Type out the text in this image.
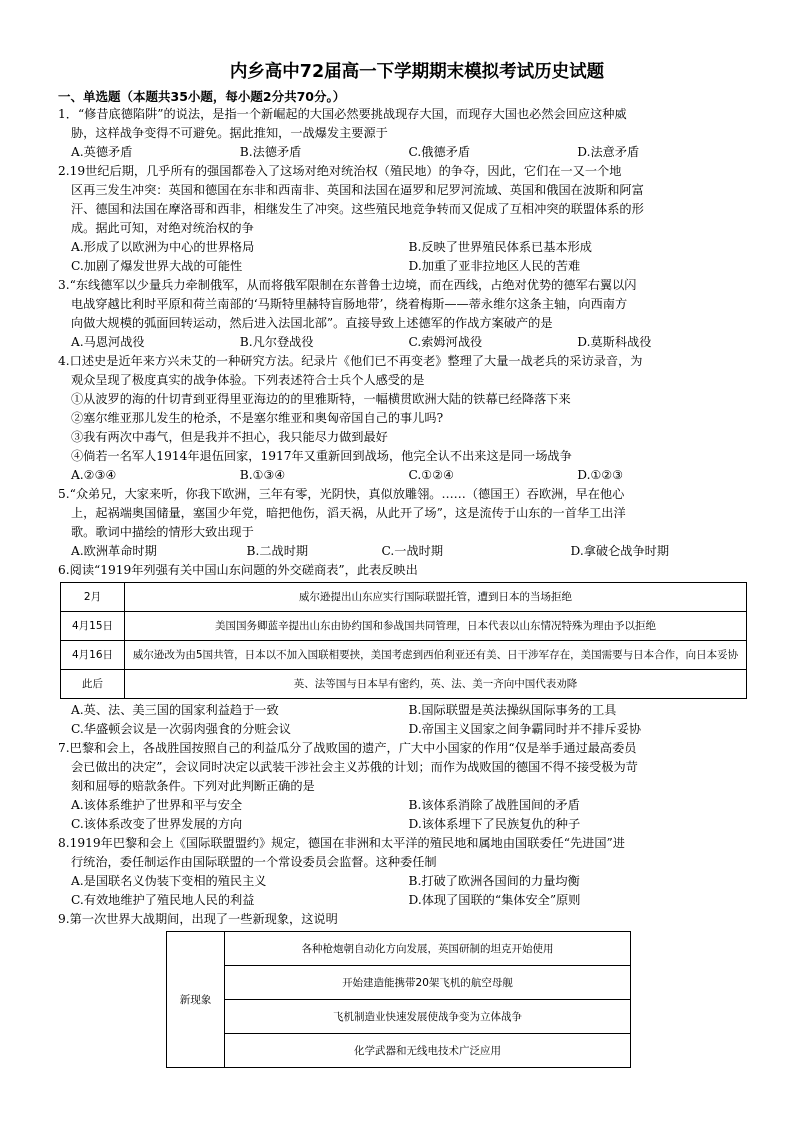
内乡高中72届高一下学期期末模拟考试历史试题
一、单选题（本题共35小题，每小题2分共70分。）
1．“修昔底德陷阱”的说法，是指一个新崛起的大国必然要挑战现存大国，而现存大国也必然会回应这种威
胁，这样战争变得不可避免。据此推知，一战爆发主要源于
A.英德矛盾	B.法德矛盾	C.俄德矛盾	D.法意矛盾
2.19世纪后期，几乎所有的强国都卷入了这场对绝对统治权（殖民地）的争夺，因此，它们在一又一个地
区再三发生冲突：英国和德国在东非和西南非、英国和法国在逼罗和尼罗河流域、英国和俄国在波斯和阿富
汗、德国和法国在摩洛哥和西非，相继发生了冲突。这些殖民地竞争转而又促成了互相冲突的联盟体系的形
成。据此可知，对绝对统治权的争
A.形成了以欧洲为中心的世界格局	B.反映了世界殖民体系已基本形成
C.加剧了爆发世界大战的可能性	D.加重了亚非拉地区人民的苦难
3.“东线德军以少量兵力牵制俄军，从而将俄军限制在东普鲁士边境，而在西线，占绝对优势的德军右翼以闪
电战穿越比利时平原和荷兰南部的‘马斯特里赫特盲肠地带’，绕着梅斯——蒂永维尔这条主轴，向西南方
向做大规模的弧面回转运动，然后进入法国北部”。直接导致上述德军的作战方案破产的是
A.马恩河战役	B.凡尔登战役	C.索姆河战役	D.莫斯科战役
4.口述史是近年来方兴未艾的一种研究方法。纪录片《他们已不再变老》整理了大量一战老兵的采访录音，为
观众呈现了极度真实的战争体验。下列表述符合士兵个人感受的是
①从波罗的海的什切青到亚得里亚海边的的里雅斯特，一幅横贯欧洲大陆的铁幕已经降落下来
②塞尔维亚那儿发生的枪杀，不是塞尔维亚和奥匈帝国自己的事儿吗?
③我有两次中毒气，但是我并不担心，我只能尽力做到最好
④倘若一名军人1914年退伍回家，1917年又重新回到战场，他完全认不出来这是同一场战争
A.②③④	B.①③④	C.①②④	D.①②③
5.“众弟兄，大家来听，你我下欧洲，三年有零，光阴快，真似放雕翎。……（德国王）吞欧洲，早在他心
上，起祸端奥国储量，塞国少年党，暗把他伤，滔天祸，从此开了场”，这是流传于山东的一首华工出洋
歌。歌词中描绘的情形大致出现于
A.欧洲革命时期	B.二战时期	C.一战时期	D.拿破仑战争时期
6.阅读“1919年列强有关中国山东问题的外交磋商表”，此表反映出
2月	威尔逊提出山东应实行国际联盟托管，遭到日本的当场拒绝
4月15日	美国国务卿蓝辛提出山东由协约国和参战国共同管理，日本代表以山东情况特殊为理由予以拒绝
4月16日	威尔逊改为由5国共管，日本以不加入国联相要挟，美国考虑到西伯利亚还有美、日干涉军存在，美国需要与日本合作，向日本妥协
此后	英、法等国与日本早有密约，英、法、美一齐向中国代表劝降
A.英、法、美三国的国家利益趋于一致	B.国际联盟是英法操纵国际事务的工具
C.华盛顿会议是一次弱肉强食的分赃会议	D.帝国主义国家之间争霸同时并不排斥妥协
7.巴黎和会上，各战胜国按照自己的利益瓜分了战败国的遗产，广大中小国家的作用“仅是举手通过最高委员
会已做出的决定”，会议同时决定以武装干涉社会主义苏俄的计划；而作为战败国的德国不得不接受极为苛
刻和屈辱的赔款条件。下列对此判断正确的是
A.该体系维护了世界和平与安全	B.该体系消除了战胜国间的矛盾
C.该体系改变了世界发展的方向	D.该体系埋下了民族复仇的种子
8.1919年巴黎和会上《国际联盟盟约》规定，德国在非洲和太平洋的殖民地和属地由国联委任“先进国”进
行统治，委任制运作由国际联盟的一个常设委员会监督。这种委任制
A.是国联名义伪装下变相的殖民主义	B.打破了欧洲各国间的力量均衡
C.有效地维护了殖民地人民的利益	D.体现了国联的“集体安全”原则
9.第一次世界大战期间，出现了一些新现象，这说明
新现象	各种枪炮朝自动化方向发展，英国研制的坦克开始使用
开始建造能携带20架飞机的航空母舰
飞机制造业快速发展使战争变为立体战争
化学武器和无线电技术广泛应用
